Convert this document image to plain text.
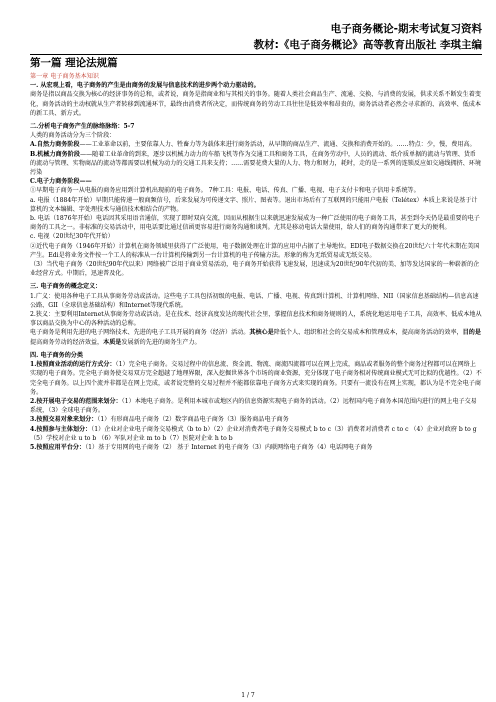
电子商务概论-期末考试复习资料
教材:《电子商务概论》高等教育出版社 李琪主编
第一篇 理论法规篇

第一章 电子商务基本知识

一. 从宏观上看，电子商务的产生是由商务的发展与信息技术的进步两个动力驱动的。

商务是指以商品交换为核心的经济事务的总和，或者说，商务是指商业和与其相关的事务。随着人类社会商品生产、流通、交换、与消费的发展，供求关系不断发生着变化，商务活动的主动权就从生产者转移到流通环节，最终由消费者所决定，而传统商务的劳动工具往往是低效率和昂贵的，商务活动者必然会寻求新的、高效率、低成本的新工具、新方式。

二.分析电子商务产生的脉络脉络：5-7

人类的商务活动分为三个阶段：

A.自然力商务阶段——工业革命以前，主要依靠人力、牲畜力等为载体来进行商务活动，从早期的商品生产、流通、交换和消费开始的。……特点：少，慢，费用高。

B.机械力商务阶段——随着工业革命的到来，逐步以机械力动力的车船飞机等作为交通工具和商务工具，在商务劳动中，人员的流动、纸介质单据的流动与管理、货币的流动与管理、实物商品的流动等都需要以机械为动力的交通工具来支持；……需要花费大量的人力、物力和财力，耗时，走的是一系列的连锁反应如交通线拥挤、环境污染

C.电子力商务阶段——

①早期电子商务一从电报的商务应用到计算机出现前的电子商务。 7种工具：电报、电话、传真、广播、电视、电子支付卡和电子信用卡系统等。

a. 电报（1884年开始）早期只能传递一般商频信号，后来发展为可传递文字、照片、图表等。退出市场后有了互联网的只能用户电报（Telétex）本质上来说是基于计算机的文本编辑、字处理技术与通信技术相结合的产物。

b. 电话（1876年开始）电话因其采用语音通信，实现了即时双向交流，因而从根据生以来就迅速发展成为一种广泛使用的电子商务工具，甚至到今天仍是最重要的电子商务的工具之一。非标准的交易活动中，用电话要比通过信函更容易进行商务沟通和谈判。尤其是移动电话大量使用，给人们的商务沟通带来了更大的便利。

c. 电视（20世纪30年代开始）

②近代电子商务（1946年开始）计算机在商务领域里获得了广泛使用，电子数据处理在计算的应用中占据了主导地位。EDI电子数据交换在20世纪六十年代末期在美国产生。Edi是将业务文件按一个工人的标准从一台计算机传输到另一台计算机的电子传输方法。形象的称为无纸贸易或无纸交易。

（3）当代电子商务（20世纪90年代以来）网络被广泛用于商业贸易活动，电子商务开始获得飞速发展，迅速成为20世纪90年代初的美、加等发达国家的一种崭新的企业经营方式。中期后，迅速普及化。

三. 电子商务的概念定义：

1.广义：使用各种电子工具从事商务劳动或活动。这些电子工具包括初级的电报、电话、广播、电视、传真到计算机、计算机网络、NII（国家信息基础结构—信息高速公路、GII（全球信息基础结构）和Internet等现代系统。

2.狭义：主要利用Internet从事商务劳动或活动。是在技术、经济高度发达的现代社会里，掌握信息技术和商务规则的人，系统化地运用电子工具，高效率、低成本地从事以商品交换为中心的各种活动的总称。

电子商务是利用先进的电子网络技术、先进的电子工具开展的商务（经济）活动。其核心是降低个人、组织和社会的交易成本和管理成本，提高商务活动的效率，目的是提高商务劳动的经济效益，本质是发展新的先进的商务生产力。

四. 电子商务的分类

1.按照商业活动的运行方式分：（1）完全电子商务。交易过程中的信息流、资金流、物流、商流四流都可以在网上完成，商品或者服务的整个商务过程都可以在网络上实现的电子商务。完全电子商务使交易双方完全超越了地理界限，深入挖掘世界各个市场的商业资源，充分体现了电子商务相对传统商业模式无可比拟的优越性。（2）不完全电子商务。以上四个流并非都是在网上完成，或者说完整的交易过程并不能都依靠电子商务方式来实现的商务。只要有一流没有在网上实现，都认为是不完全电子商务。

2.按开展电子交易的范围来划分：（1）本地电子商务。是利用本城市或地区内的信息资源实现电子商务的活动。（2）远程国内电子商务本国范围内进行的网上电子交易系统，（3）全球电子商务。

3.按照交易对象来划分：（1）有形商品电子商务（2）数字商品电子商务（3）服务商品电子商务

4.按照参与主体划分：（1）企业对企业电子商务交易模式（b to b）（2）企业对消费者电子商务交易模式 b to c（3）消费者对消费者 c to c （4）企业对政府 b to g （5）学校对企业 u to b （6）军队对企业 m to b（7）医院对企业 h to b

5.按照应用平台分：（1）基于专用网的电子商务（2） 基于 Internet 的电子商务（3）内联网络电子商务（4）电话网电子商务

1 / 7
